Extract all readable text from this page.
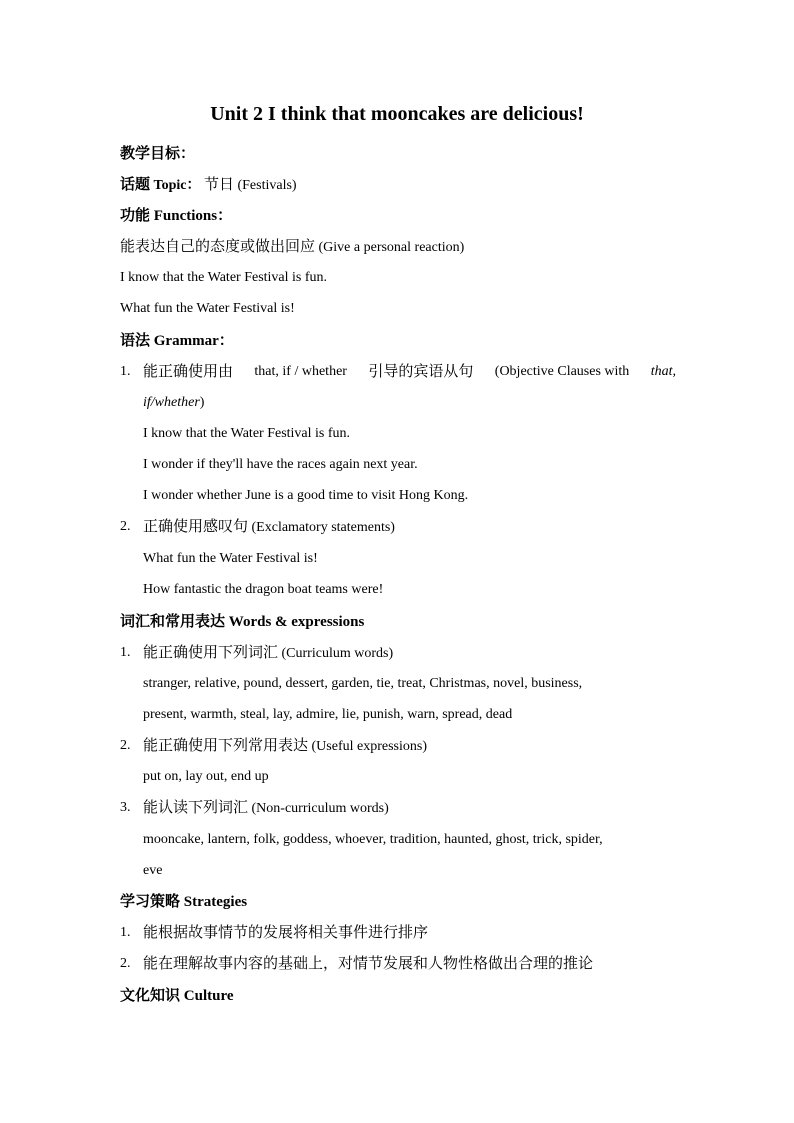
Unit 2 I think that mooncakes are delicious!
教学目标：
话题 Topic： 节日 (Festivals)
功能 Functions：
能表达自己的态度或做出回应 (Give a personal reaction)
I know that the Water Festival is fun.
What fun the Water Festival is!
语法 Grammar：
1. 能正确使用由 that, if / whether 引导的宾语从句 (Objective Clauses with that,
if/whether)
I know that the Water Festival is fun.
I wonder if they'll have the races again next year.
I wonder whether June is a good time to visit Hong Kong.
2. 正确使用感叹句 (Exclamatory statements)
What fun the Water Festival is!
How fantastic the dragon boat teams were!
词汇和常用表达 Words & expressions
1. 能正确使用下列词汇 (Curriculum words)
stranger, relative, pound, dessert, garden, tie, treat, Christmas, novel, business,
present, warmth, steal, lay, admire, lie, punish, warn, spread, dead
2. 能正确使用下列常用表达 (Useful expressions)
put on, lay out, end up
3. 能认读下列词汇 (Non-curriculum words)
mooncake, lantern, folk, goddess, whoever, tradition, haunted, ghost, trick, spider,
eve
学习策略 Strategies
1. 能根据故事情节的发展将相关事件进行排序
2. 能在理解故事内容的基础上，对情节发展和人物性格做出合理的推论
文化知识 Culture
